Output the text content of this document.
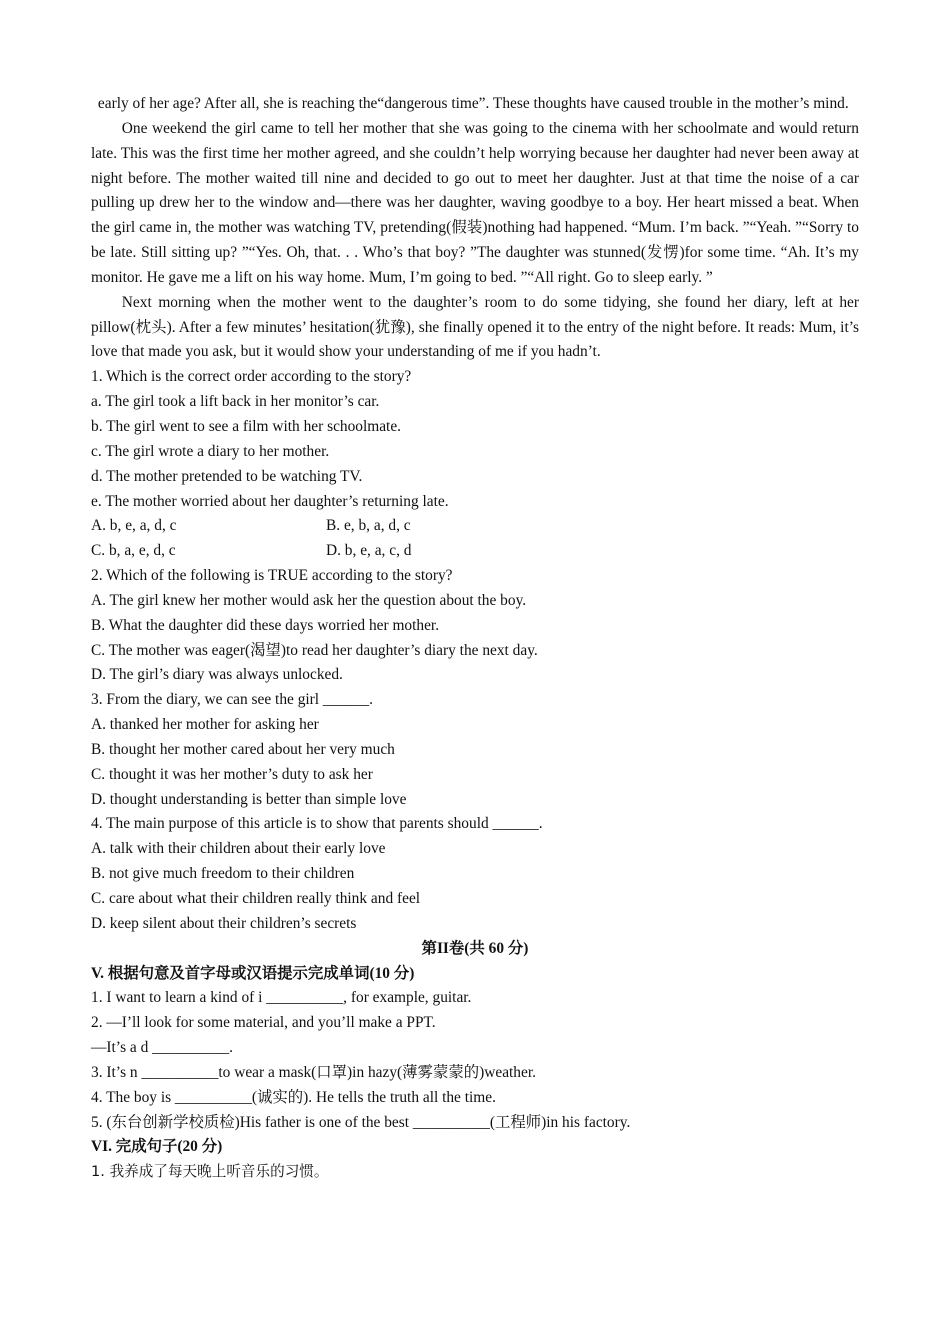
early of her age? After all, she is reaching the“dangerous time”. These thoughts have caused trouble in the mother’s mind.

One weekend the girl came to tell her mother that she was going to the cinema with her schoolmate and would return late. This was the first time her mother agreed, and she couldn’t help worrying because her daughter had never been away at night before. The mother waited till nine and decided to go out to meet her daughter. Just at that time the noise of a car pulling up drew her to the window and—there was her daughter, waving goodbye to a boy. Her heart missed a beat. When the girl came in, the mother was watching TV, pretending(假装)nothing had happened. “Mum. I’m back. ”“Yeah. ”“Sorry to be late. Still sitting up? ”“Yes. Oh, that. . . Who’s that boy? ”The daughter was stunned(发愣)for some time. “Ah. It’s my monitor. He gave me a lift on his way home. Mum, I’m going to bed. ”“All right. Go to sleep early. ”

Next morning when the mother went to the daughter’s room to do some tidying, she found her diary, left at her pillow(枕头). After a few minutes’ hesitation(犹豫), she finally opened it to the entry of the night before. It reads: Mum, it’s love that made you ask, but it would show your understanding of me if you hadn’t.

1. Which is the correct order according to the story?
a. The girl took a lift back in her monitor’s car.
b. The girl went to see a film with her schoolmate.
c. The girl wrote a diary to her mother.
d. The mother pretended to be watching TV.
e. The mother worried about her daughter’s returning late.
A. b, e, a, d, c	B. e, b, a, d, c
C. b, a, e, d, c	D. b, e, a, c, d
2. Which of the following is TRUE according to the story?
A. The girl knew her mother would ask her the question about the boy.
B. What the daughter did these days worried her mother.
C. The mother was eager(渴望)to read her daughter’s diary the next day.
D. The girl’s diary was always unlocked.
3. From the diary, we can see the girl ______.
A. thanked her mother for asking her
B. thought her mother cared about her very much
C. thought it was her mother’s duty to ask her
D. thought understanding is better than simple love
4. The main purpose of this article is to show that parents should ______.
A. talk with their children about their early love
B. not give much freedom to their children
C. care about what their children really think and feel
D. keep silent about their children’s secrets
第II卷(共 60 分)
V. 根据句意及首字母或汉语提示完成单词(10 分)
1. I want to learn a kind of i __________, for example, guitar.
2. —I’ll look for some material, and you’ll make a PPT.
—It’s a d __________.
3. It’s n __________to wear a mask(口罩)in hazy(薄雾蒙蒙的)weather.
4. The boy is __________(诚实的). He tells the truth all the time.
5. (东台创新学校质检)His father is one of the best __________(工程师)in his factory.
VI. 完成句子(20 分)
1. 我养成了每天晚上听音乐的习惯。
